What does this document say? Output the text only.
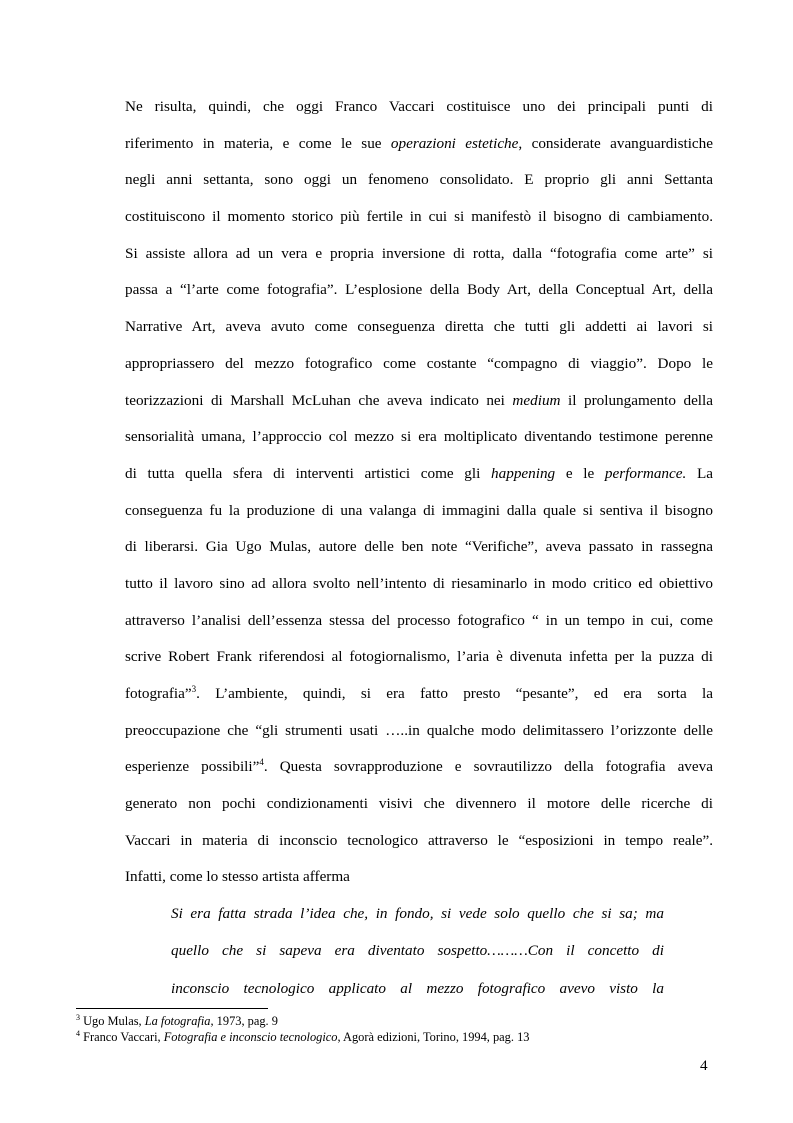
Ne risulta, quindi, che oggi Franco Vaccari costituisce uno dei principali punti di
riferimento in materia, e come le sue operazioni estetiche, considerate avanguardistiche
negli anni settanta, sono oggi un fenomeno consolidato. E proprio gli anni Settanta
costituiscono il momento storico più fertile in cui si manifestò il bisogno di cambiamento.
Si assiste allora ad un vera e propria inversione di rotta, dalla “fotografia come arte” si
passa a “l’arte come fotografia”. L’esplosione della Body Art, della Conceptual Art, della
Narrative Art, aveva avuto come conseguenza diretta che tutti gli addetti ai lavori si
appropriassero del mezzo fotografico come costante “compagno di viaggio”. Dopo le
teorizzazioni di Marshall McLuhan che aveva indicato nei medium il prolungamento della
sensorialità umana, l’approccio col mezzo si era moltiplicato diventando testimone perenne
di tutta quella sfera di interventi artistici come gli happening e le performance. La
conseguenza fu la produzione di una valanga di immagini dalla quale si sentiva il bisogno
di liberarsi. Gia Ugo Mulas, autore delle ben note “Verifiche”, aveva passato in rassegna
tutto il lavoro sino ad allora svolto nell’intento di riesaminarlo in modo critico ed obiettivo
attraverso l’analisi dell’essenza stessa del processo fotografico “ in un tempo in cui, come
scrive Robert Frank riferendosi al fotogiornalismo, l’aria è divenuta infetta per la puzza di
fotografia”$^3$. L’ambiente, quindi, si era fatto presto “pesante”, ed era sorta la
preoccupazione che “gli strumenti usati …..in qualche modo delimitassero l’orizzonte delle
esperienze possibili”$^4$. Questa sovrapproduzione e sovrautilizzo della fotografia aveva
generato non pochi condizionamenti visivi che divennero il motore delle ricerche di
Vaccari in materia di inconscio tecnologico attraverso le “esposizioni in tempo reale”.
Infatti, come lo stesso artista afferma
Si era fatta strada l’idea che, in fondo, si vede solo quello che si sa; ma
quello che si sapeva era diventato sospetto………Con il concetto di
inconscio tecnologico applicato al mezzo fotografico avevo visto la
$^3$ Ugo Mulas, La fotografia, 1973, pag. 9
$^4$ Franco Vaccari, Fotografia e inconscio tecnologico, Agorà edizioni, Torino, 1994, pag. 13
4
